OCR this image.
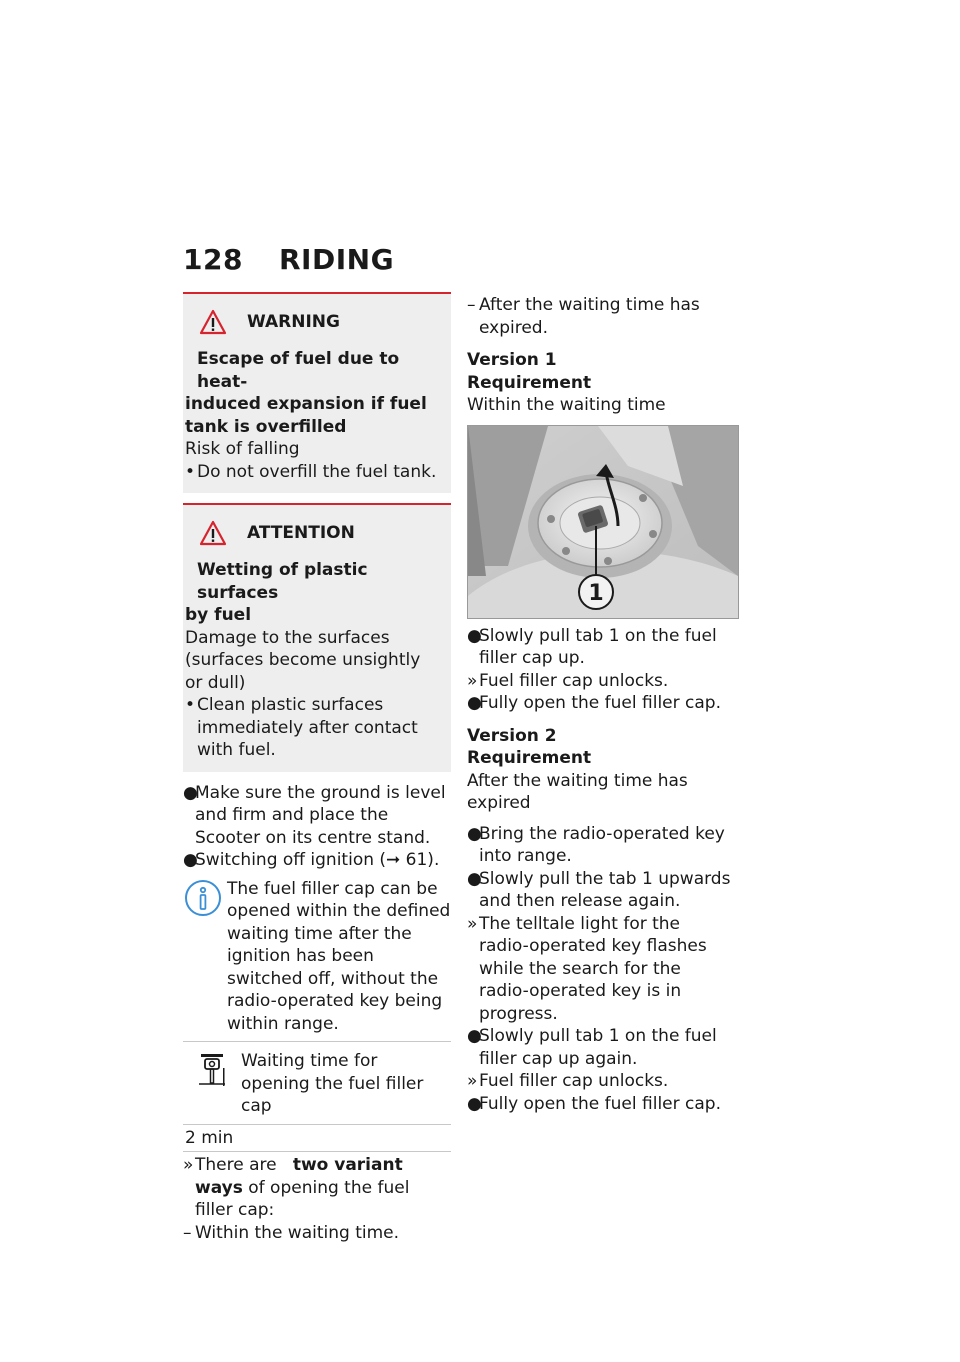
128 RIDING
WARNING
Escape of fuel due to heat-
induced expansion if fuel tank is overfilled

Risk of falling

• Do not overfill the fuel tank.
ATTENTION
Wetting of plastic surfaces
by fuel

Damage to the surfaces (surfaces become unsightly or dull)

• Clean plastic surfaces immediately after contact with fuel.
●
Make sure the ground is level and firm and place the Scooter on its centre stand.
●
Switching off ignition (➞ 61).

The fuel filler cap can be opened within the defined waiting time after the ignition has been switched off, without the radio-operated key being within range.

Waiting time for opening the fuel filler cap
2 min
» There are two variant ways of opening the fuel filler cap:
– Within the waiting time.
– After the waiting time has expired.
Version 1
Requirement

Within the waiting time

1
●
Slowly pull tab 1 on the fuel filler cap up.
» Fuel filler cap unlocks.
●
Fully open the fuel filler cap.
Version 2
Requirement

After the waiting time has expired

●
Bring the radio-operated key into range.
●
Slowly pull the tab 1 upwards and then release again.
» The telltale light for the radio-operated key flashes while the search for the radio-operated key is in progress.
●
Slowly pull tab 1 on the fuel filler cap up again.
» Fuel filler cap unlocks.
●
Fully open the fuel filler cap.
